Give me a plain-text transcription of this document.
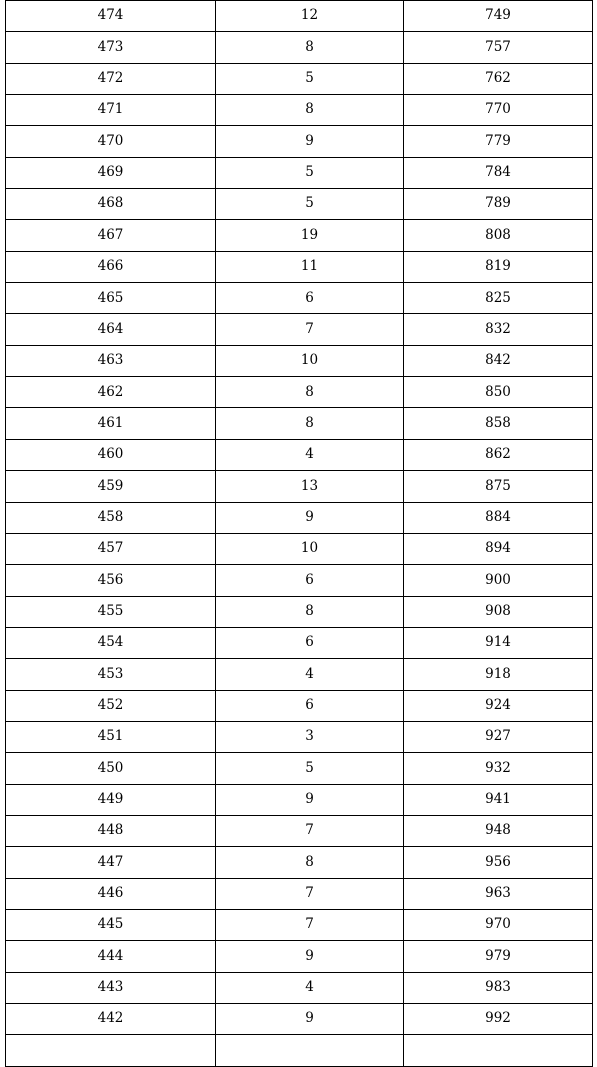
474	12	749
473	8	757
472	5	762
471	8	770
470	9	779
469	5	784
468	5	789
467	19	808
466	11	819
465	6	825
464	7	832
463	10	842
462	8	850
461	8	858
460	4	862
459	13	875
458	9	884
457	10	894
456	6	900
455	8	908
454	6	914
453	4	918
452	6	924
451	3	927
450	5	932
449	9	941
448	7	948
447	8	956
446	7	963
445	7	970
444	9	979
443	4	983
442	9	992
